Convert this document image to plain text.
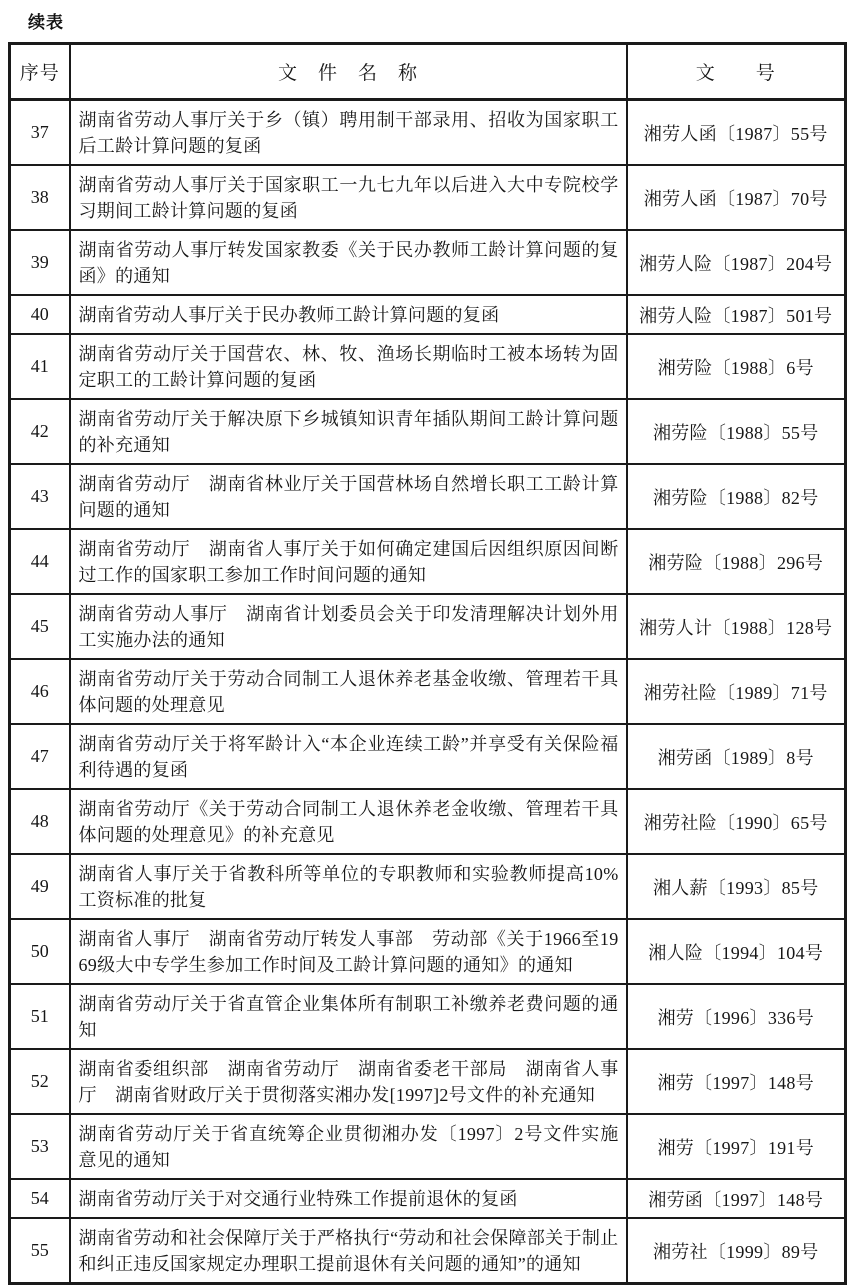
续表
序号	文　件　名　称	文　　号
37	湖南省劳动人事厅关于乡（镇）聘用制干部录用、招收为国家职工后工龄计算问题的复函	湘劳人函〔1987〕55号
38	湖南省劳动人事厅关于国家职工一九七九年以后进入大中专院校学习期间工龄计算问题的复函	湘劳人函〔1987〕70号
39	湖南省劳动人事厅转发国家教委《关于民办教师工龄计算问题的复函》的通知	湘劳人险〔1987〕204号
40	湖南省劳动人事厅关于民办教师工龄计算问题的复函	湘劳人险〔1987〕501号
41	湖南省劳动厅关于国营农、林、牧、渔场长期临时工被本场转为固定职工的工龄计算问题的复函	湘劳险〔1988〕6号
42	湖南省劳动厅关于解决原下乡城镇知识青年插队期间工龄计算问题的补充通知	湘劳险〔1988〕55号
43	湖南省劳动厅　湖南省林业厅关于国营林场自然增长职工工龄计算问题的通知	湘劳险〔1988〕82号
44	湖南省劳动厅　湖南省人事厅关于如何确定建国后因组织原因间断过工作的国家职工参加工作时间问题的通知	湘劳险〔1988〕296号
45	湖南省劳动人事厅　湖南省计划委员会关于印发清理解决计划外用工实施办法的通知	湘劳人计〔1988〕128号
46	湖南省劳动厅关于劳动合同制工人退休养老基金收缴、管理若干具体问题的处理意见	湘劳社险〔1989〕71号
47	湖南省劳动厅关于将军龄计入“本企业连续工龄”并享受有关保险福利待遇的复函	湘劳函〔1989〕8号
48	湖南省劳动厅《关于劳动合同制工人退休养老金收缴、管理若干具体问题的处理意见》的补充意见	湘劳社险〔1990〕65号
49	湖南省人事厅关于省教科所等单位的专职教师和实验教师提高10%工资标准的批复	湘人薪〔1993〕85号
50	湖南省人事厅　湖南省劳动厅转发人事部　劳动部《关于1966至1969级大中专学生参加工作时间及工龄计算问题的通知》的通知	湘人险〔1994〕104号
51	湖南省劳动厅关于省直管企业集体所有制职工补缴养老费问题的通知	湘劳〔1996〕336号
52	湖南省委组织部　湖南省劳动厅　湖南省委老干部局　湖南省人事厅　湖南省财政厅关于贯彻落实湘办发[1997]2号文件的补充通知	湘劳〔1997〕148号
53	湖南省劳动厅关于省直统筹企业贯彻湘办发〔1997〕2号文件实施意见的通知	湘劳〔1997〕191号
54	湖南省劳动厅关于对交通行业特殊工作提前退休的复函	湘劳函〔1997〕148号
55	湖南省劳动和社会保障厅关于严格执行“劳动和社会保障部关于制止和纠正违反国家规定办理职工提前退休有关问题的通知”的通知	湘劳社〔1999〕89号
